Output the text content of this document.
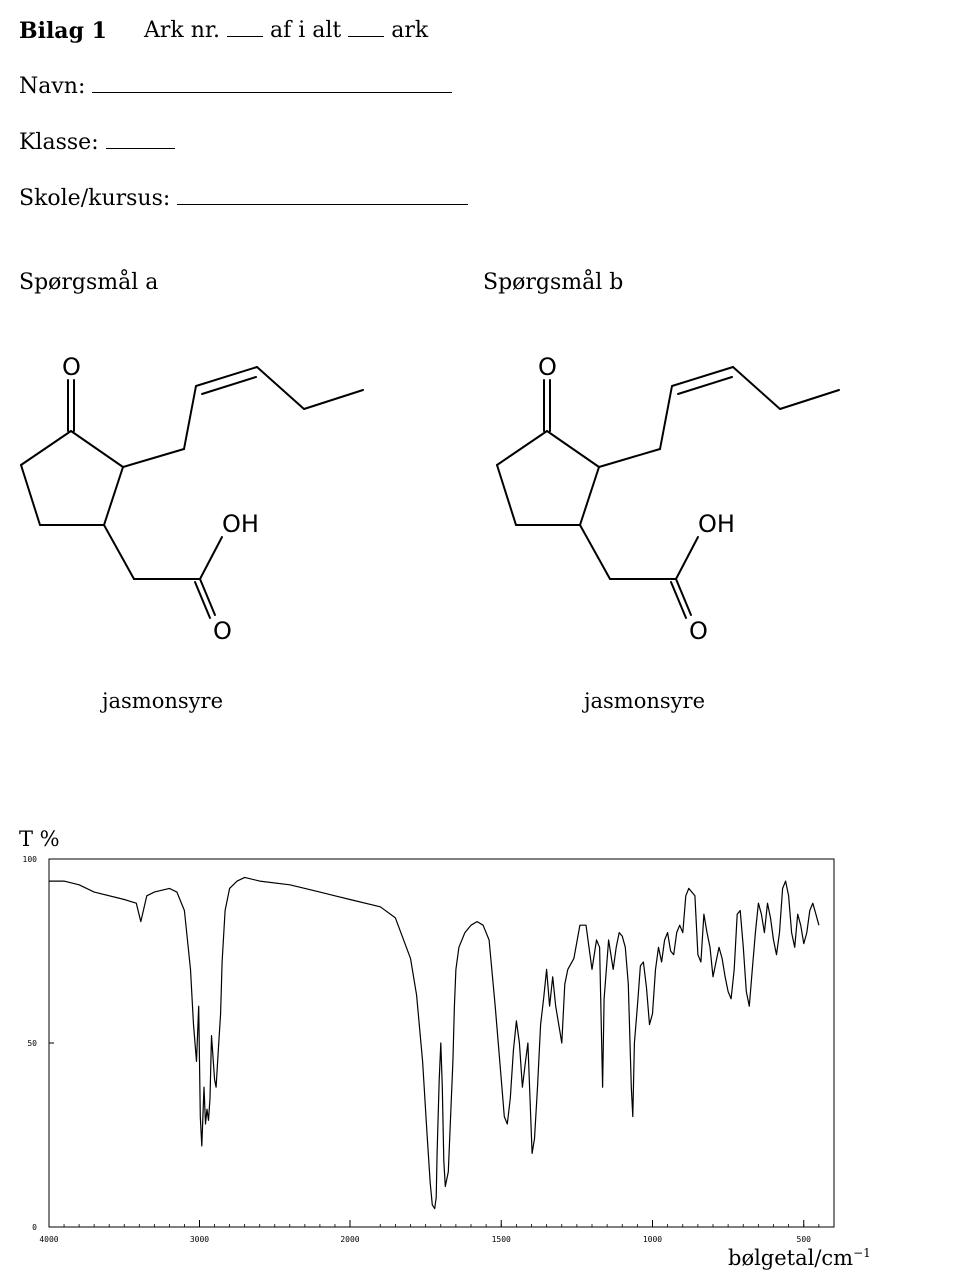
Bilag 1 Ark nr. af i alt ark
Navn:
Klasse:
Skole/kursus:
Spørgsmål a	Spørgsmål b
O
OH
O
jasmonsyre
O
OH
O
jasmonsyre
T %
100
50
0
4000	3000	2000	1500	1000	500
bølgetal/$cm^{-1}$
